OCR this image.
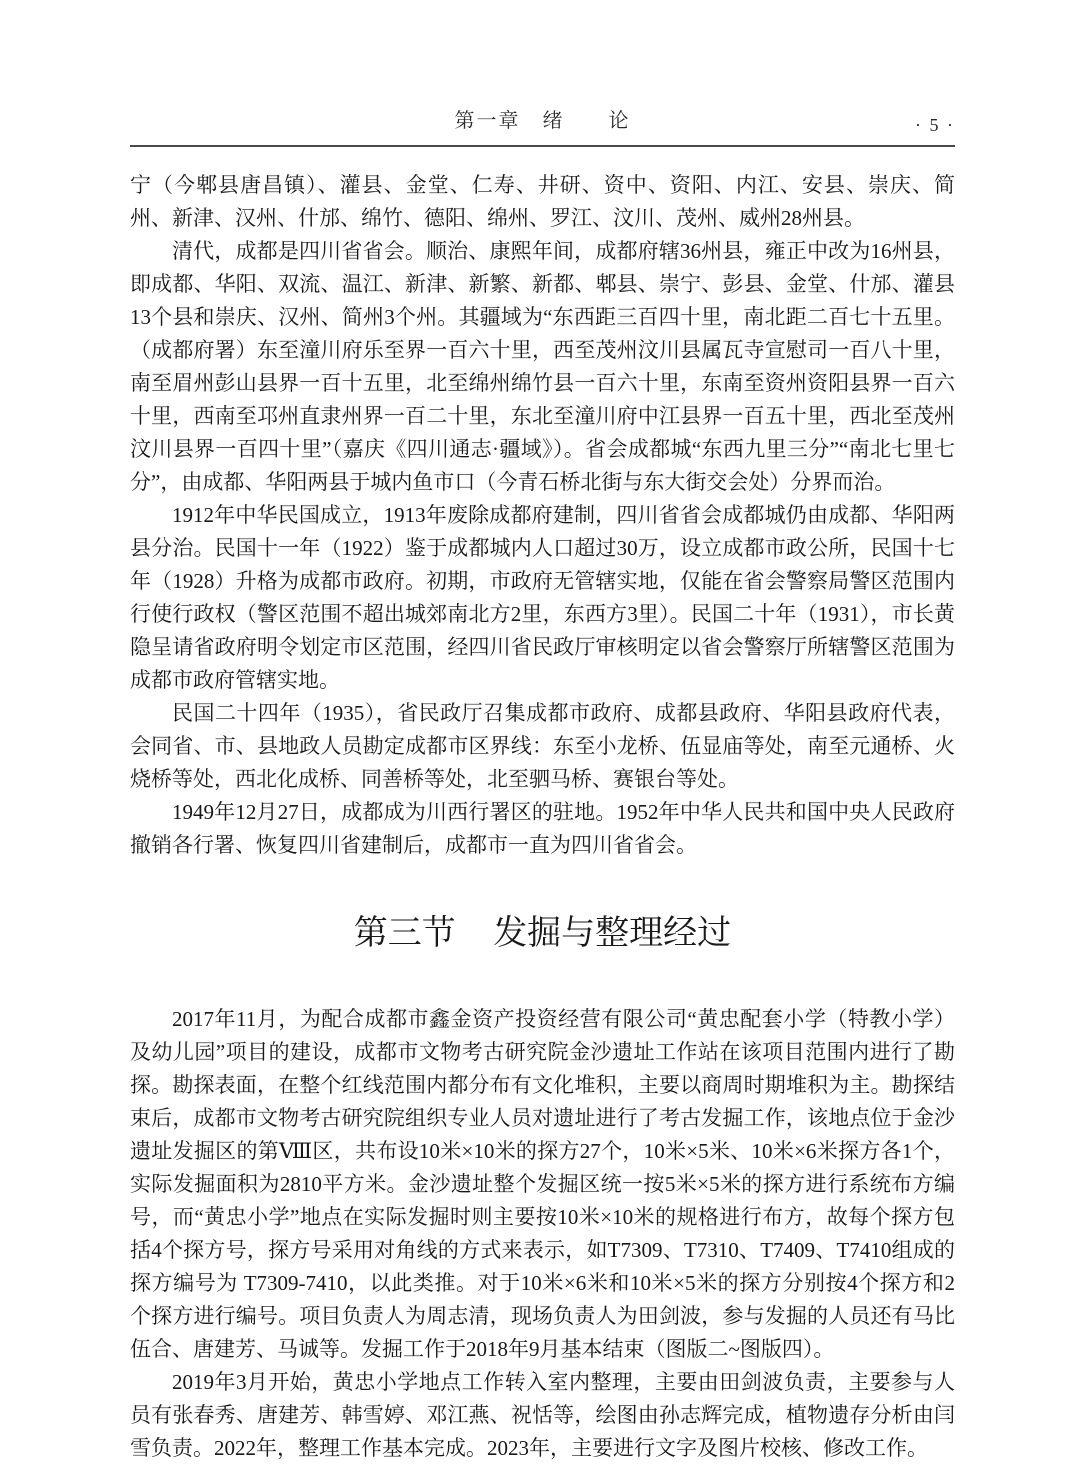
第一章　绪　　论	· 5 ·

宁（今郫县唐昌镇）、灌县、金堂、仁寿、井研、资中、资阳、内江、安县、崇庆、简州、新津、汉州、什邡、绵竹、德阳、绵州、罗江、汶川、茂州、威州28州县。

清代，成都是四川省省会。顺治、康熙年间，成都府辖36州县，雍正中改为16州县，即成都、华阳、双流、温江、新津、新繁、新都、郫县、崇宁、彭县、金堂、什邡、灌县13个县和崇庆、汉州、简州3个州。其疆域为“东西距三百四十里，南北距二百七十五里。（成都府署）东至潼川府乐至界一百六十里，西至茂州汶川县属瓦寺宣慰司一百八十里，南至眉州彭山县界一百十五里，北至绵州绵竹县一百六十里，东南至资州资阳县界一百六十里，西南至邛州直隶州界一百二十里，东北至潼川府中江县界一百五十里，西北至茂州汶川县界一百四十里”（嘉庆《四川通志·疆域》）。省会成都城“东西九里三分”“南北七里七分”，由成都、华阳两县于城内鱼市口（今青石桥北街与东大街交会处）分界而治。

1912年中华民国成立，1913年废除成都府建制，四川省省会成都城仍由成都、华阳两县分治。民国十一年（1922）鉴于成都城内人口超过30万，设立成都市政公所，民国十七年（1928）升格为成都市政府。初期，市政府无管辖实地，仅能在省会警察局警区范围内行使行政权（警区范围不超出城郊南北方2里，东西方3里）。民国二十年（1931），市长黄隐呈请省政府明令划定市区范围，经四川省民政厅审核明定以省会警察厅所辖警区范围为成都市政府管辖实地。

民国二十四年（1935），省民政厅召集成都市政府、成都县政府、华阳县政府代表，会同省、市、县地政人员勘定成都市区界线：东至小龙桥、伍显庙等处，南至元通桥、火烧桥等处，西北化成桥、同善桥等处，北至驷马桥、赛银台等处。

1949年12月27日，成都成为川西行署区的驻地。1952年中华人民共和国中央人民政府撤销各行署、恢复四川省建制后，成都市一直为四川省省会。

第三节 发掘与整理经过

2017年11月，为配合成都市鑫金资产投资经营有限公司“黄忠配套小学（特教小学）及幼儿园”项目的建设，成都市文物考古研究院金沙遗址工作站在该项目范围内进行了勘探。勘探表面，在整个红线范围内都分布有文化堆积，主要以商周时期堆积为主。勘探结束后，成都市文物考古研究院组织专业人员对遗址进行了考古发掘工作，该地点位于金沙遗址发掘区的第Ⅷ区，共布设10米×10米的探方27个，10米×5米、10米×6米探方各1个，实际发掘面积为2810平方米。金沙遗址整个发掘区统一按5米×5米的探方进行系统布方编号，而“黄忠小学”地点在实际发掘时则主要按10米×10米的规格进行布方，故每个探方包括4个探方号，探方号采用对角线的方式来表示，如T7309、T7310、T7409、T7410组成的探方编号为 T7309-7410，以此类推。对于10米×6米和10米×5米的探方分别按4个探方和2个探方进行编号。项目负责人为周志清，现场负责人为田剑波，参与发掘的人员还有马比伍合、唐建芳、马诚等。发掘工作于2018年9月基本结束（图版二~图版四）。

2019年3月开始，黄忠小学地点工作转入室内整理，主要由田剑波负责，主要参与人员有张春秀、唐建芳、韩雪婷、邓江燕、祝恬等，绘图由孙志辉完成，植物遗存分析由闫雪负责。2022年，整理工作基本完成。2023年，主要进行文字及图片校核、修改工作。
